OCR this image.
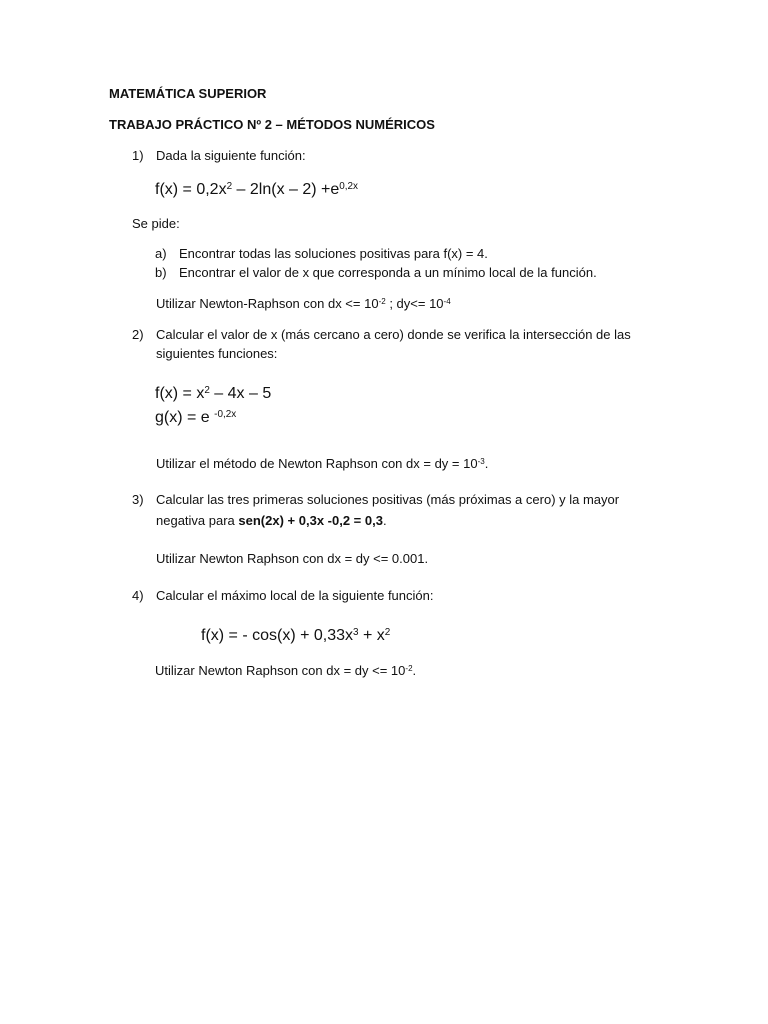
MATEMÁTICA SUPERIOR
TRABAJO PRÁCTICO Nº 2 – MÉTODOS NUMÉRICOS
1) Dada la siguiente función:
$f(x) = 0,2x^2 - 2\ln(x - 2) +e^{0,2x}$
Se pide:
a) Encontrar todas las soluciones positivas para f(x) = 4.
b) Encontrar el valor de x que corresponda a un mínimo local de la función.
Utilizar Newton-Raphson con dx <= $10^{-2}$ ; $dy<= 10^{-4}$
2) Calcular el valor de x (más cercano a cero) donde se verifica la intersección de las
siguientes funciones:
$f(x) = x^2 - 4x - 5$
g(x) = e $^{-0,2x}$
Utilizar el método de Newton Raphson con dx = dy = $10^{-3}$.
3) Calcular las tres primeras soluciones positivas (más próximas a cero) y la mayor
negativa para sen(2x) + 0,3x -0,2 = 0,3.
Utilizar Newton Raphson con dx = dy <= 0.001.
4) Calcular el máximo local de la siguiente función:
f(x) = - $\cos(x) + 0,33x^3 + x^2$
Utilizar Newton Raphson con dx = dy <= $10^{-2}$.
